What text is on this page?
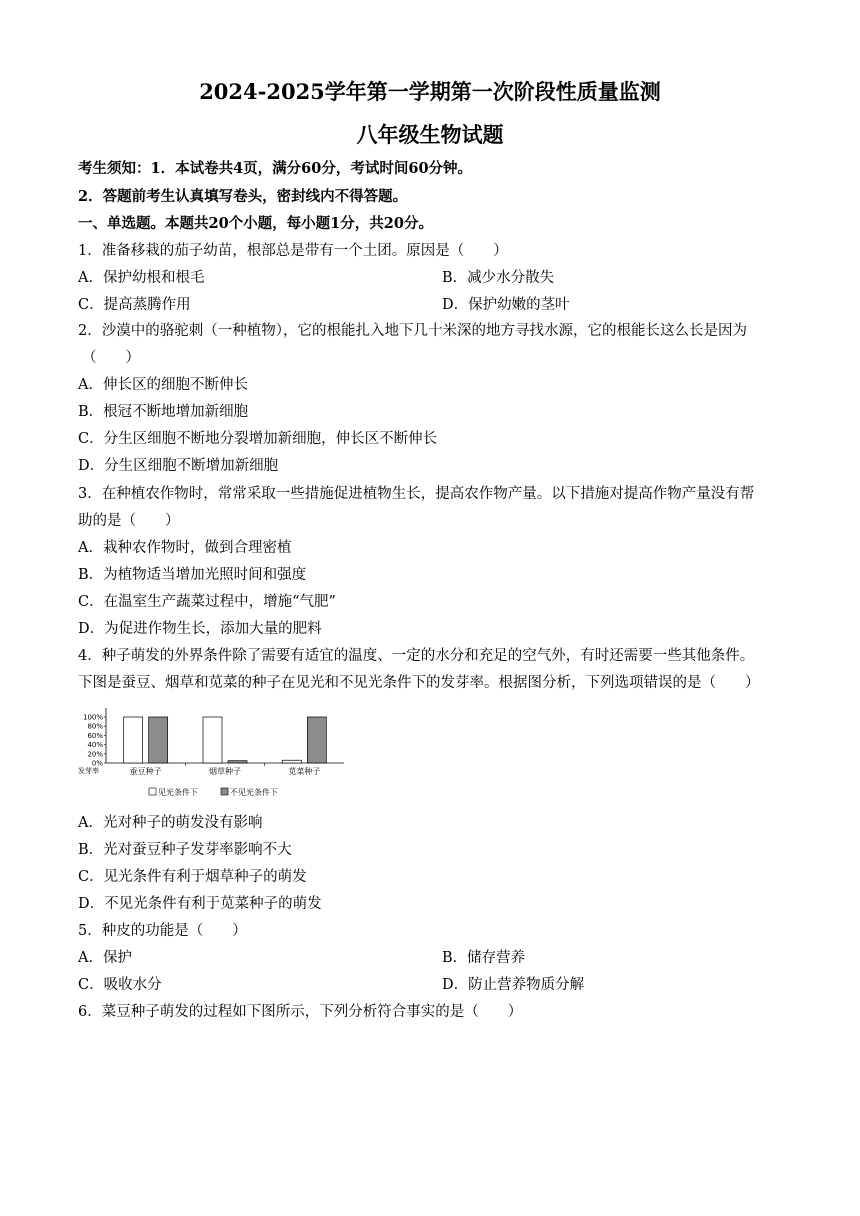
2024-2025学年第一学期第一次阶段性质量监测
八年级生物试题
考生须知：1．本试卷共4页，满分60分，考试时间60分钟。
2．答题前考生认真填写卷头，密封线内不得答题。
一、单选题。本题共20个小题，每小题1分，共20分。
1．准备移栽的茄子幼苗，根部总是带有一个土团。原因是（　　）
A．保护幼根和根毛	B．减少水分散失
C．提高蒸腾作用	D．保护幼嫩的茎叶
2．沙漠中的骆驼刺（一种植物），它的根能扎入地下几十米深的地方寻找水源，它的根能长这么长是因为
（　　）
A．伸长区的细胞不断伸长
B．根冠不断地增加新细胞
C．分生区细胞不断地分裂增加新细胞，伸长区不断伸长
D．分生区细胞不断增加新细胞
3．在种植农作物时，常常采取一些措施促进植物生长，提高农作物产量。以下措施对提高作物产量没有帮
助的是（　　）
A．栽种农作物时，做到合理密植
B．为植物适当增加光照时间和强度
C．在温室生产蔬菜过程中，增施“气肥”
D．为促进作物生长，添加大量的肥料
4．种子萌发的外界条件除了需要有适宜的温度、一定的水分和充足的空气外，有时还需要一些其他条件。
下图是蚕豆、烟草和苋菜的种子在见光和不见光条件下的发芽率。根据图分析，下列选项错误的是（　　）
0%
20%
40%
60%
80%
100%
发芽率	蚕豆种子	烟草种子	苋菜种子
见光条件下	不见光条件下
A．光对种子的萌发没有影响
B．光对蚕豆种子发芽率影响不大
C．见光条件有利于烟草种子的萌发
D．不见光条件有利于苋菜种子的萌发
5．种皮的功能是（　　）
A．保护	B．储存营养
C．吸收水分	D．防止营养物质分解
6．菜豆种子萌发的过程如下图所示，下列分析符合事实的是（　　）
